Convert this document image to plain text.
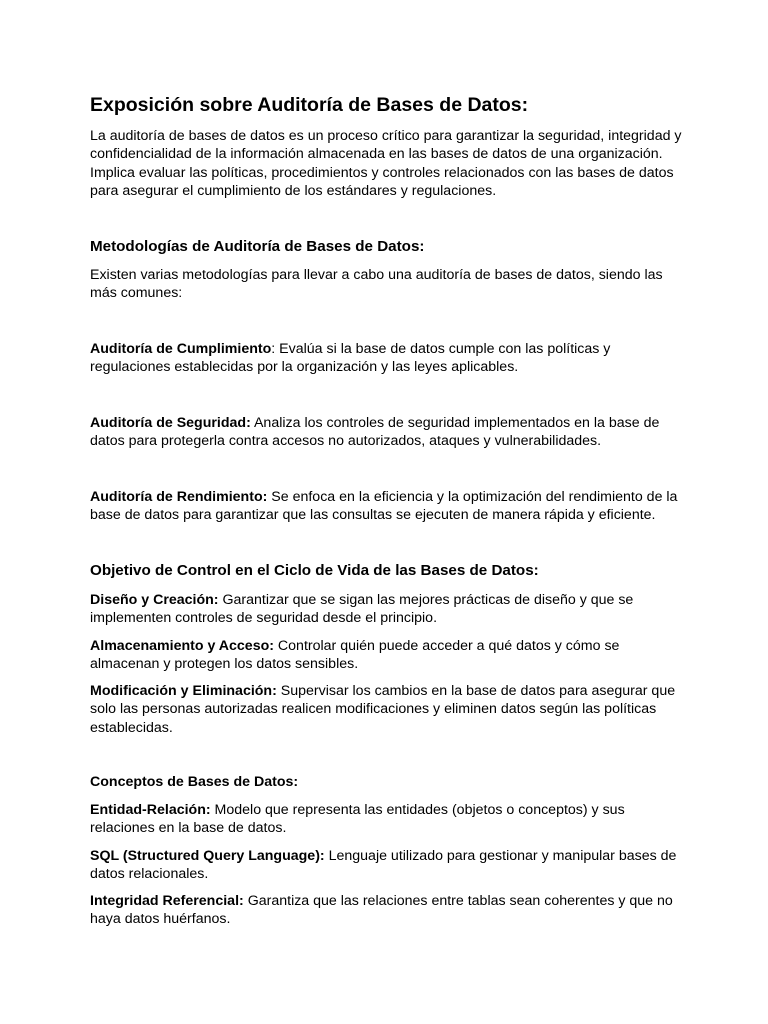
Exposición sobre Auditoría de Bases de Datos:

La auditoría de bases de datos es un proceso crítico para garantizar la seguridad, integridad y confidencialidad de la información almacenada en las bases de datos de una organización. Implica evaluar las políticas, procedimientos y controles relacionados con las bases de datos para asegurar el cumplimiento de los estándares y regulaciones.

Metodologías de Auditoría de Bases de Datos:

Existen varias metodologías para llevar a cabo una auditoría de bases de datos, siendo las más comunes:

Auditoría de Cumplimiento: Evalúa si la base de datos cumple con las políticas y regulaciones establecidas por la organización y las leyes aplicables.

Auditoría de Seguridad: Analiza los controles de seguridad implementados en la base de datos para protegerla contra accesos no autorizados, ataques y vulnerabilidades.

Auditoría de Rendimiento: Se enfoca en la eficiencia y la optimización del rendimiento de la base de datos para garantizar que las consultas se ejecuten de manera rápida y eficiente.

Objetivo de Control en el Ciclo de Vida de las Bases de Datos:

Diseño y Creación: Garantizar que se sigan las mejores prácticas de diseño y que se implementen controles de seguridad desde el principio.

Almacenamiento y Acceso: Controlar quién puede acceder a qué datos y cómo se almacenan y protegen los datos sensibles.

Modificación y Eliminación: Supervisar los cambios en la base de datos para asegurar que solo las personas autorizadas realicen modificaciones y eliminen datos según las políticas establecidas.

Conceptos de Bases de Datos:

Entidad-Relación: Modelo que representa las entidades (objetos o conceptos) y sus relaciones en la base de datos.

SQL (Structured Query Language): Lenguaje utilizado para gestionar y manipular bases de datos relacionales.

Integridad Referencial: Garantiza que las relaciones entre tablas sean coherentes y que no haya datos huérfanos.
